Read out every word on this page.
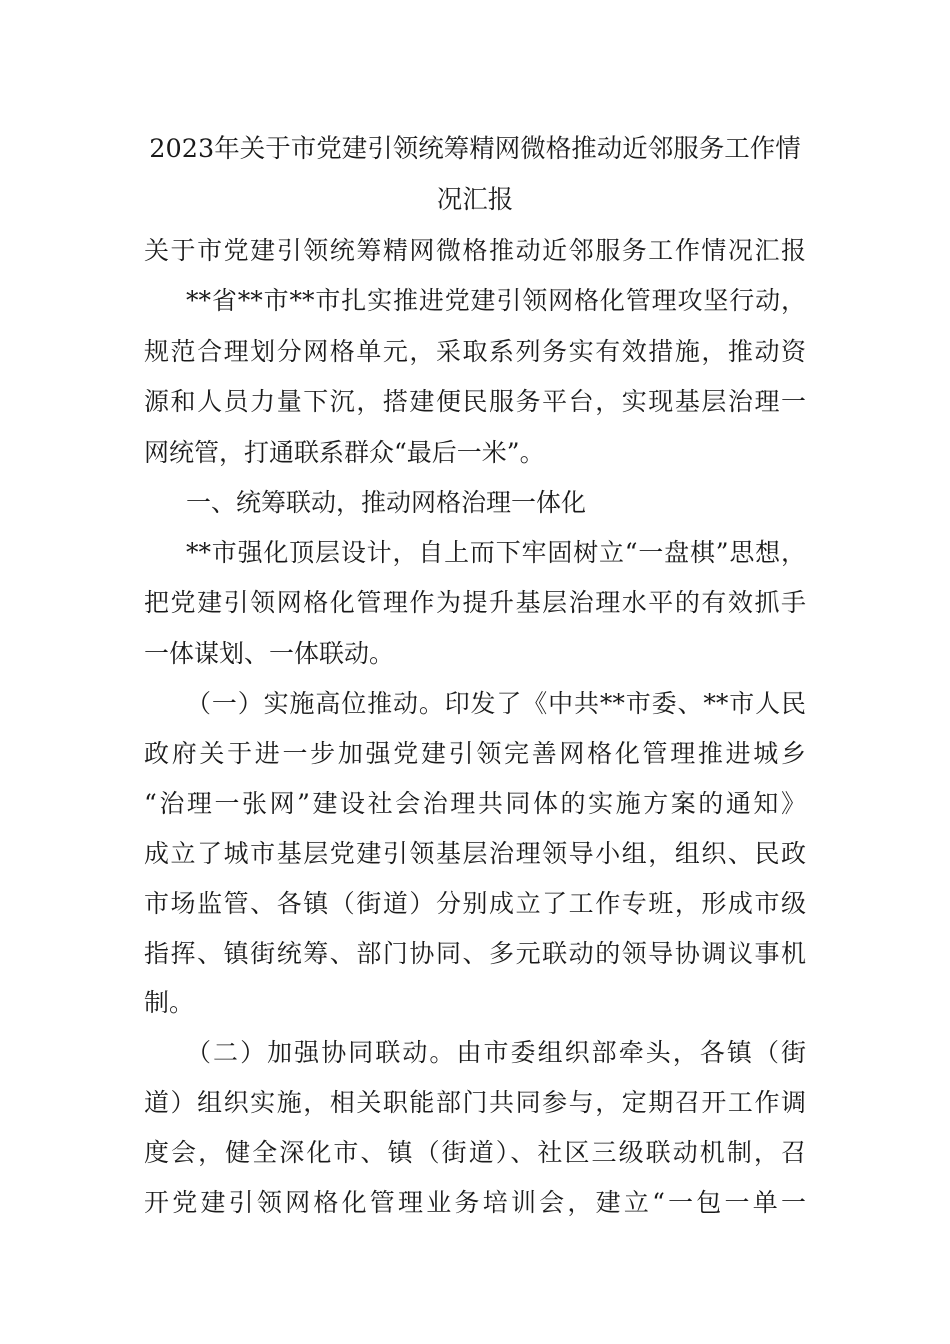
2023年关于市党建引领统筹精网微格推动近邻服务工作情
况汇报
关于市党建引领统筹精网微格推动近邻服务工作情况汇报
**省**市**市扎实推进党建引领网格化管理攻坚行动，
规范合理划分网格单元，采取系列务实有效措施，推动资
源和人员力量下沉，搭建便民服务平台，实现基层治理一
网统管，打通联系群众“最后一米”。
一、统筹联动，推动网格治理一体化
**市强化顶层设计，自上而下牢固树立“一盘棋”思想，
把党建引领网格化管理作为提升基层治理水平的有效抓手
一体谋划、一体联动。
（一）实施高位推动。印发了《中共**市委、**市人民
政府关于进一步加强党建引领完善网格化管理推进城乡
“治理一张网”建设社会治理共同体的实施方案的通知》
成立了城市基层党建引领基层治理领导小组，组织、民政
市场监管、各镇（街道）分别成立了工作专班，形成市级
指挥、镇街统筹、部门协同、多元联动的领导协调议事机
制。
（二）加强协同联动。由市委组织部牵头，各镇（街
道）组织实施，相关职能部门共同参与，定期召开工作调
度会，健全深化市、镇（街道）、社区三级联动机制，召
开党建引领网格化管理业务培训会，建立“一包一单一
